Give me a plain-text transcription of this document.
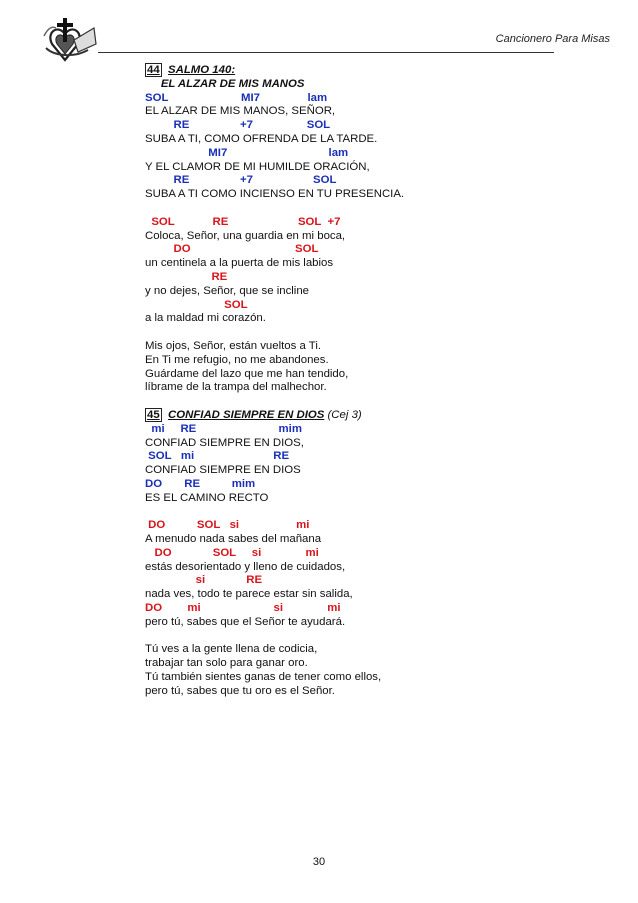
Cancionero Para Misas
44 SALMO 140:
EL ALZAR DE MIS MANOS
SOL                       MI7               lam
EL ALZAR DE MIS MANOS, SEÑOR,
RE                +7                 SOL
SUBA A TI, COMO OFRENDA DE LA TARDE.
MI7                                lam
Y EL CLAMOR DE MI HUMILDE ORACIÓN,
RE                +7                   SOL
SUBA A TI COMO INCIENSO EN TU PRESENCIA.
SOL            RE                      SOL  +7
Coloca, Señor, una guardia en mi boca,
DO                                 SOL
un centinela a la puerta de mis labios
RE
y no dejes, Señor, que se incline
SOL
a la maldad mi corazón.
Mis ojos, Señor, están vueltos a Ti.
En Ti me refugio, no me abandones.
Guárdame del lazo que me han tendido,
líbrame de la trampa del malhechor.
45 CONFIAD SIEMPRE EN DIOS (Cej 3)
mi     RE                          mim
CONFIAD SIEMPRE EN DIOS,
SOL   mi                         RE
CONFIAD SIEMPRE EN DIOS
DO       RE          mim
ES EL CAMINO RECTO
DO          SOL   si                  mi
A menudo nada sabes del mañana
DO             SOL     si              mi
estás desorientado y lleno de cuidados,
si             RE
nada ves, todo te parece estar sin salida,
DO        mi                       si              mi
pero tú, sabes que el Señor te ayudará.
Tú ves a la gente llena de codicia,
trabajar tan solo para ganar oro.
Tú también sientes ganas de tener como ellos,
pero tú, sabes que tu oro es el Señor.
30
